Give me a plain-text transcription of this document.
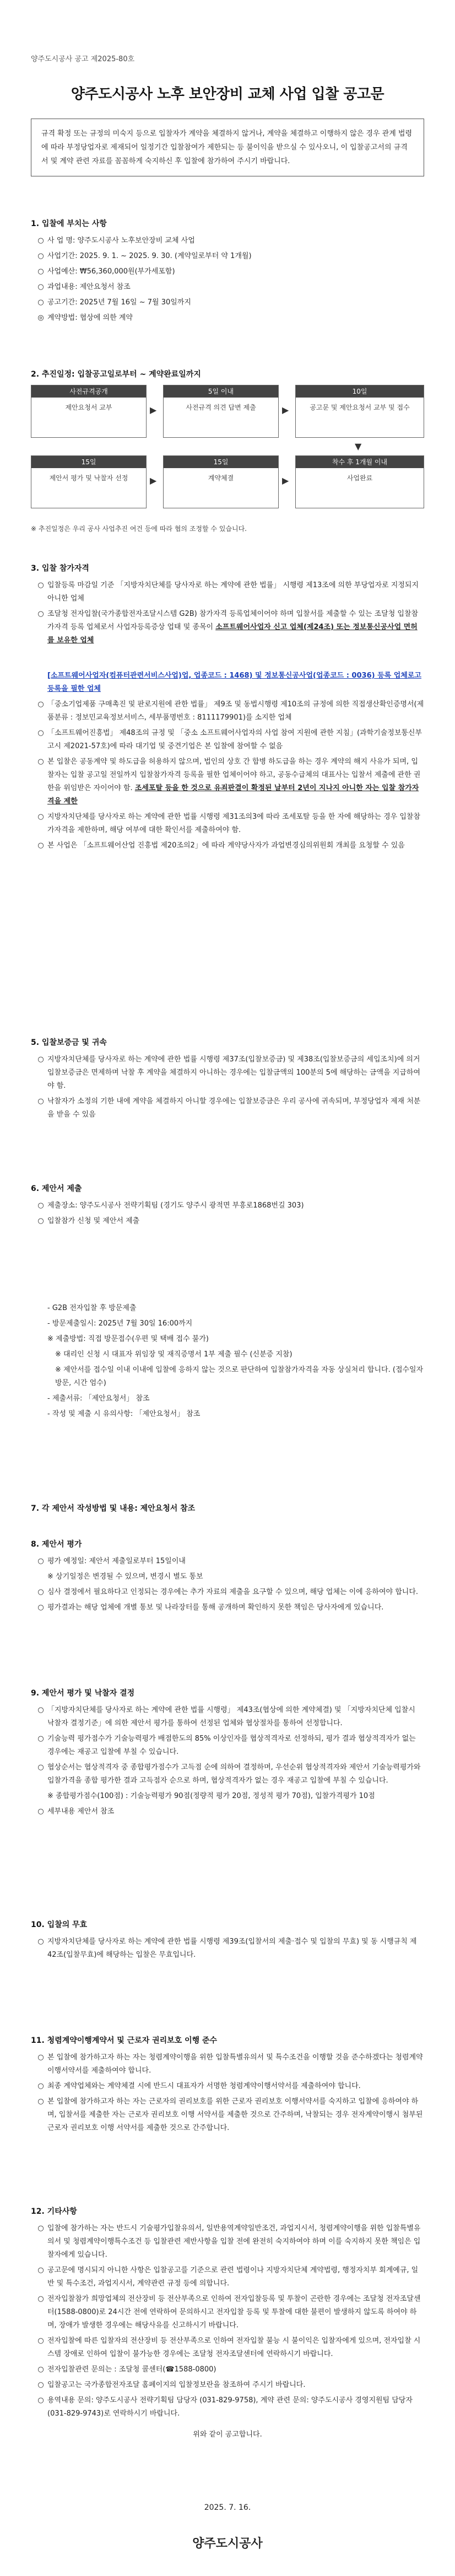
양주도시공사 공고 제2025-80호
양주도시공사 노후 보안장비 교체 사업 입찰 공고문
규격 확정 또는 규정의 미숙지 등으로 입찰자가 계약을 체결하지 않거나, 계약을 체결하고 이행하지 않은 경우 관계 법령에 따라 부정당업자로 제재되어 일정기간 입찰참여가 제한되는 등 불이익을 받으실 수 있사오니, 이 입찰공고서의 규격서 및 계약 관련 자료를 꼼꼼하게 숙지하신 후 입찰에 참가하여 주시기 바랍니다.
1. 입찰에 부치는 사항
○ 사 업 명: 양주도시공사 노후보안장비 교체 사업
○ 사업기간: 2025. 9. 1. ~ 2025. 9. 30. (계약일로부터 약 1개월)
○ 사업예산: ₩56,360,000원(부가세포함)
○ 과업내용: 제안요청서 참조
○ 공고기간: 2025년 7월 16일 ~ 7월 30일까지
◎ 계약방법: 협상에 의한 계약
2. 추진일정: 입찰공고일로부터 ~ 계약완료일까지
사전규격공개
제안요청서 교부	▶
5일 이내
사전규격 의견 답변 제출	▶
10일
공고문 및 제안요청서 교부 및 접수
▼
15일
제안서 평가 및 낙찰자 선정	▶
15일
계약체결	▶
착수 후 1개월 이내
사업완료
※ 추진일정은 우리 공사 사업추진 여건 등에 따라 협의 조정할 수 있습니다.
3. 입찰 참가자격
○ 입찰등록 마감일 기준 「지방자치단체를 당사자로 하는 계약에 관한 법률」 시행령 제13조에 의한 부당업자로 지정되지 아니한 업체
○ 조달청 전자입찰(국가종합전자조달시스템 G2B) 참가자격 등록업체이어야 하며 입찰서를 제출할 수 있는 조달청 입찰참가자격 등록 업체로서 사업자등록증상 업태 및 종목이 소프트웨어사업자 신고 업체(제24조) 또는 정보통신공사업 면허를 보유한 업체
[소프트웨어사업자(컴퓨터관련서비스사업)업, 업종코드 : 1468) 및 정보통신공사업(업종코드 : 0036) 등록 업체로고등록을 필한 업체
○ 「중소기업제품 구매촉진 및 판로지원에 관한 법률」 제9조 및 동법시행령 제10조의 규정에 의한 직접생산확인증명서(제품분류 : 정보민교육정보서비스, 세부품명번호 : 8111179901)를 소지한 업체
○ 「소프트웨어진흥법」 제48조의 규정 및 「중소 소프트웨어사업자의 사업 참여 지원에 관한 지침」(과학기술정보통신부 고시 제2021-57호)에 따라 대기업 및 중견기업은 본 입찰에 참여할 수 없음
○ 본 입찰은 공동계약 및 하도급을 허용하지 않으며, 법인의 상호 간 합병 하도급을 하는 경우 계약의 해지 사유가 되며, 입찰자는 입찰 공고일 전일까지 입찰참가자격 등록을 필한 업체이어야 하고, 공동수급체의 대표사는 입찰서 제출에 관한 권한을 위임받은 자이어야 함. 조세포탈 등을 한 것으로 유죄판결이 확정된 날부터 2년이 지나지 아니한 자는 입찰 참가자격을 제한
○ 지방자치단체를 당사자로 하는 계약에 관한 법률 시행령 제31조의3에 따라 조세포탈 등을 한 자에 해당하는 경우 입찰참가자격을 제한하며, 해당 여부에 대한 확인서를 제출하여야 함.
○ 본 사업은 「소프트웨어산업 진흥법 제20조의2」에 따라 계약당사자가 과업변경심의위원회 개최를 요청할 수 있음
5. 입찰보증금 및 귀속
○ 지방자치단체를 당사자로 하는 계약에 관한 법률 시행령 제37조(입찰보증금) 및 제38조(입찰보증금의 세입조치)에 의거 입찰보증금은 면제하며 낙찰 후 계약을 체결하지 아니하는 경우에는 입찰금액의 100분의 5에 해당하는 금액을 지급하여야 함.
○ 낙찰자가 소정의 기한 내에 계약을 체결하지 아니할 경우에는 입찰보증금은 우리 공사에 귀속되며, 부정당업자 제재 처분을 받을 수 있음
6. 제안서 제출
○ 제출장소: 양주도시공사 전략기획팀 (경기도 양주시 광적면 부흥로1868번길 303)
○ 입찰참가 신청 및 제안서 제출
- G2B 전자입찰 후 방문제출
- 방문제출일시: 2025년 7월 30일 16:00까지
※ 제출방법: 직접 방문접수(우편 및 택배 접수 불가)
※ 대리인 신청 시 대표자 위임장 및 재직증명서 1부 제출 필수 (신분증 지참)
※ 제안서를 접수일 이내 이내에 입찰에 응하지 않는 것으로 판단하여 입찰참가자격을 자동 상실처리 합니다. (접수일자 방문, 시간 엄수)
- 제출서류: 「제안요청서」 참조
- 작성 및 제출 시 유의사항: 「제안요청서」 참조
7. 각 제안서 작성방법 및 내용: 제안요청서 참조
8. 제안서 평가
○ 평가 예정일: 제안서 제출일로부터 15일이내
※ 상기일정은 변경될 수 있으며, 변경시 별도 통보
○ 심사 결정에서 필요하다고 인정되는 경우에는 추가 자료의 제출을 요구할 수 있으며, 해당 업체는 이에 응하여야 합니다.
○ 평가결과는 해당 업체에 개별 통보 및 나라장터를 통해 공개하며 확인하지 못한 책임은 당사자에게 있습니다.
9. 제안서 평가 및 낙찰자 결정
○ 「지방자치단체를 당사자로 하는 계약에 관한 법률 시행령」 제43조(협상에 의한 계약체결) 및 「지방자치단체 입찰시 낙찰자 결정기준」에 의한 제안서 평가를 통하여 선정된 업체와 협상절차를 통하여 선정합니다.
○ 기술능력 평가점수가 기술능력평가 배점한도의 85% 이상인자를 협상적격자로 선정하되, 평가 결과 협상적격자가 없는 경우에는 재공고 입찰에 부칠 수 있습니다.
○ 협상순서는 협상적격자 중 종합평가점수가 고득점 순에 의하여 결정하며, 우선순위 협상적격자와 제안서 기술능력평가와 입찰가격을 종합 평가한 결과 고득점자 순으로 하며, 협상적격자가 없는 경우 재공고 입찰에 부칠 수 있습니다.
※ 종합평가점수(100점) : 기술능력평가 90점(정량적 평가 20점, 정성적 평가 70점), 입찰가격평가 10점
○ 세부내용 제안서 참조
10. 입찰의 무효
○ 지방자치단체를 당사자로 하는 계약에 관한 법률 시행령 제39조(입찰서의 제출·접수 및 입찰의 무효) 및 동 시행규칙 제42조(입찰무효)에 해당하는 입찰은 무효입니다.
11. 청렴계약이행계약서 및 근로자 권리보호 이행 준수
○ 본 입찰에 참가하고자 하는 자는 청렴계약이행을 위한 입찰특별유의서 및 특수조건을 이행할 것을 준수하겠다는 청렴계약이행서약서를 제출하여야 합니다.
○ 최종 계약업체와는 계약체결 시에 반드시 대표자가 서명한 청렴계약이행서약서를 제출하여야 합니다.
○ 본 입찰에 참가하고자 하는 자는 근로자의 권리보호를 위한 근로자 권리보호 이행서약서를 숙지하고 입찰에 응하여야 하며, 입찰서를 제출한 자는 근로자 권리보호 이행 서약서를 제출한 것으로 간주하며, 낙찰되는 경우 전자계약이행시 첨부된 근로자 권리보호 이행 서약서를 제출한 것으로 간주합니다.
12. 기타사항
○ 입찰에 참가하는 자는 반드시 기술평가입찰유의서, 일반용역계약일반조건, 과업지시서, 청렴계약이행을 위한 입찰특별유의서 및 청렴계약이행특수조건 등 입찰관련 제반사항을 입찰 전에 완전히 숙지하여야 하며 이를 숙지하지 못한 책임은 입찰자에게 있습니다.
○ 공고문에 명시되지 아니한 사항은 입찰공고를 기준으로 관련 법령이나 지방자치단체 계약법령, 행정자치부 회계예규, 일반 및 특수조건, 과업지시서, 계약관련 규정 등에 의합니다.
○ 전자입찰참가 희망업체의 전산장비 등 전산부족으로 인하여 전자입찰등록 및 투찰이 곤란한 경우에는 조달청 전자조달센터(1588-0800)로 24시간 전에 연락하여 문의하시고 전자입찰 등록 및 투찰에 대한 불편이 발생하지 않도록 하여야 하며, 장애가 발생한 경우에는 해당사유를 신고하시기 바랍니다.
○ 전자입찰에 따른 입찰자의 전산장비 등 전산부족으로 인하여 전자입찰 불능 시 불이익은 입찰자에게 있으며, 전자입찰 시스템 장애로 인하여 입찰이 불가능한 경우에는 조달청 전자조달센터에 연락하시기 바랍니다.
○ 전자입찰관련 문의는 : 조달청 콜센터(☎1588-0800)
○ 입찰공고는 국가종합전자조달 홈페이지의 입찰정보란을 참조하여 주시기 바랍니다.
○ 용역내용 문의: 양주도시공사 전략기획팀 담당자 (031-829-9758), 계약 관련 문의: 양주도시공사 경영지원팀 담당자 (031-829-9743)로 연락하시기 바랍니다.
위와 같이 공고합니다.
2025. 7. 16.
양주도시공사
